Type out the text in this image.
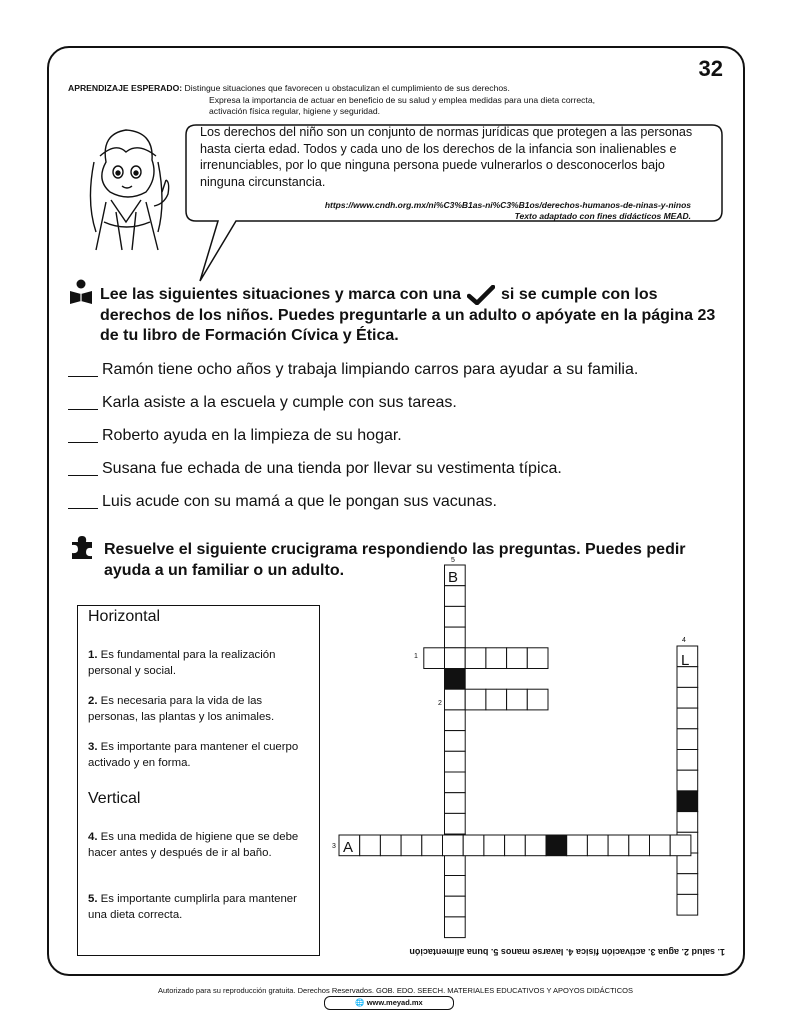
32
APRENDIZAJE ESPERADO: Distingue situaciones que favorecen u obstaculizan el cumplimiento de sus derechos.
Expresa la importancia de actuar en beneficio de su salud y emplea medidas para una dieta correcta,
activación física regular, higiene y seguridad.
Los derechos del niño son un conjunto de normas jurídicas que protegen a las personas hasta cierta edad. Todos y cada uno de los derechos de la infancia son inalienables e irrenunciables, por lo que ninguna persona puede vulnerarlos o desconocerlos bajo ninguna circunstancia.
https://www.cndh.org.mx/ni%C3%B1as-ni%C3%B1os/derechos-humanos-de-ninas-y-ninos
Texto adaptado con fines didácticos MEAD.
Lee las siguientes situaciones y marca con una	si se cumple con los derechos de los niños. Puedes preguntarle a un adulto o apóyate en la página 23 de tu libro de Formación Cívica y Ética.
Ramón tiene ocho años y trabaja limpiando carros para ayudar a su familia.
Karla asiste a la escuela y cumple con sus tareas.
Roberto ayuda en la limpieza de su hogar.
Susana fue echada de una tienda por llevar su vestimenta típica.
Luis acude con su mamá a que le pongan sus vacunas.
Resuelve el siguiente crucigrama respondiendo las preguntas. Puedes pedir ayuda a un familiar o un adulto.
Horizontal
1. Es fundamental para la realización personal y social.
2. Es necesaria para la vida de las personas, las plantas y los animales.
3. Es importante para mantener el cuerpo activado y en forma.
Vertical
4. Es una medida de higiene que se debe hacer antes y después de ir al baño.
5. Es importante cumplirla para mantener una dieta correcta.
1
2
3
4
5
B
L
A
1. salud 2. agua 3. activación física 4. lavarse manos 5. buna alimentación
Autorizado para su reproducción gratuita. Derechos Reservados. GOB. EDO. SEECH. MATERIALES EDUCATIVOS Y APOYOS DIDÁCTICOS
🌐 www.meyad.mx
